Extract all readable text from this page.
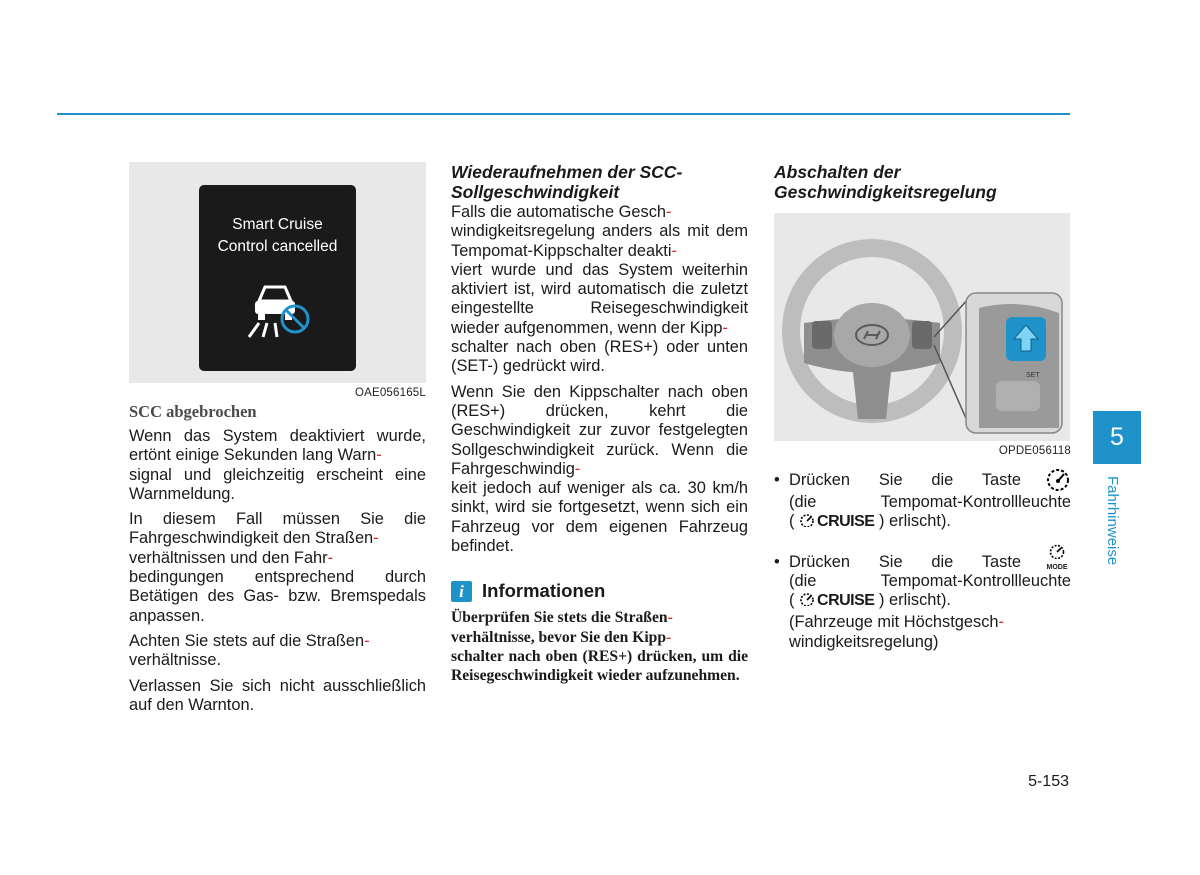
Smart Cruise
Control cancelled
OAE056165L
SCC abgebrochen

Wenn das System deaktiviert wurde, ertönt einige Sekunden lang Warn-
signal und gleichzeitig erscheint eine Warnmeldung.

In diesem Fall müssen Sie die Fahrgeschwindigkeit den Straßen-
verhältnissen und den Fahr-
bedingungen entsprechend durch Betätigen des Gas- bzw. Bremspedals anpassen.

Achten Sie stets auf die Straßen-
verhältnisse.

Verlassen Sie sich nicht ausschließlich auf den Warnton.

Wiederaufnehmen der SCC-
Sollgeschwindigkeit

Falls die automatische Gesch-
windigkeitsregelung anders als mit dem Tempomat-Kippschalter deakti-
viert wurde und das System weiterhin aktiviert ist, wird automatisch die zuletzt eingestellte Reisegeschwindigkeit wieder aufgenommen, wenn der Kipp-
schalter nach oben (RES+) oder unten (SET-) gedrückt wird.

Wenn Sie den Kippschalter nach oben (RES+) drücken, kehrt die Geschwindigkeit zur zuvor festgelegten Sollgeschwindigkeit zurück. Wenn die Fahrgeschwindig-
keit jedoch auf weniger als ca. 30 km/h sinkt, wird sie fortgesetzt, wenn sich ein Fahrzeug vor dem eigenen Fahrzeug befindet.

i Informationen

Überprüfen Sie stets die Straßen-
verhältnisse, bevor Sie den Kipp-
schalter nach oben (RES+) drücken, um die Reisegeschwindigkeit wieder aufzunehmen.

Abschalten der
Geschwindigkeitsregelung
SET
OPDE056118
• Drücken Sie die Taste
(die Tempomat-Kontrollleuchte
( CRUISE ) erlischt).
• Drücken Sie die Taste	MODE
(die Tempomat-Kontrollleuchte
( CRUISE ) erlischt).
(Fahrzeuge mit Höchstgesch-
windigkeitsregelung)
5
Fahrhinweise
5-153
